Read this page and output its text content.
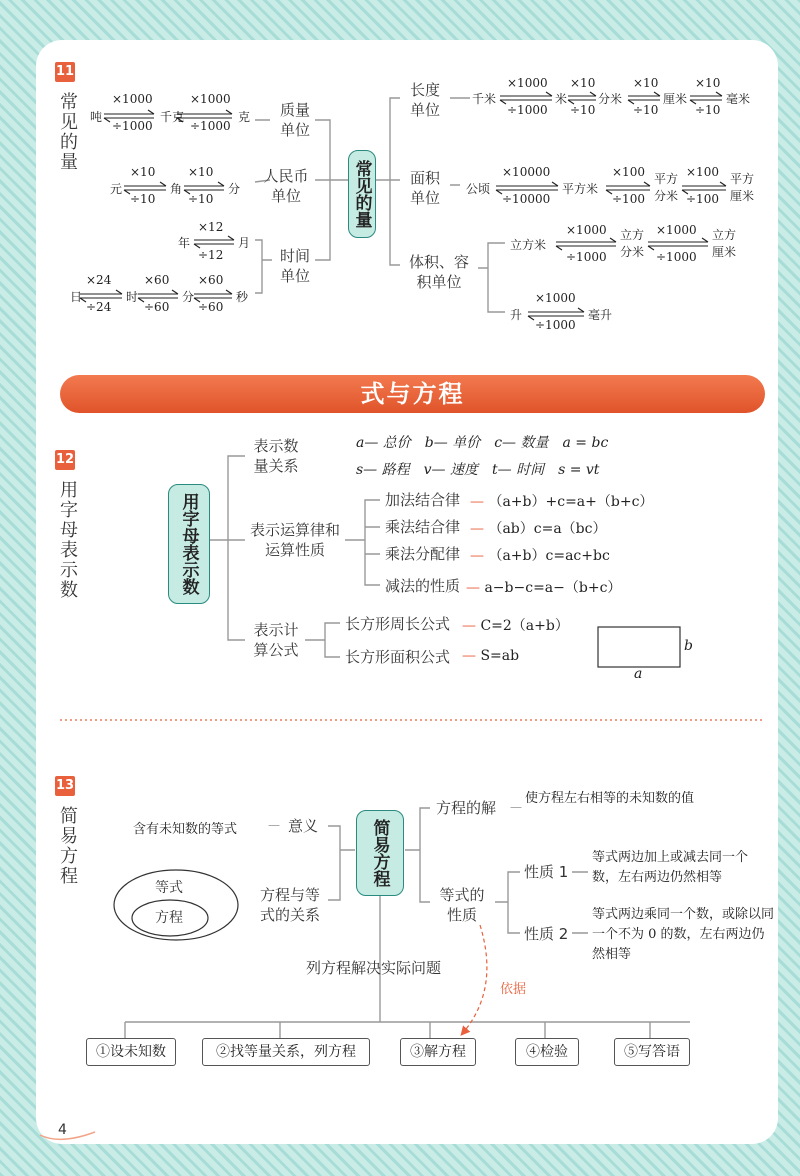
11
常见的量
常见的量
质量单位
人民币单位
时间单位
长度单位
面积单位
体积、容积单位
吨
×1000
÷1000
千克
×1000
÷1000
克
元
×10
÷10
角
×10
÷10
分
年
×12
÷12
月
日
×24
÷24
时
×60
÷60
分
×60
÷60
秒
千米
×1000
÷1000
米
×10
÷10
分米
×10
÷10
厘米
×10
÷10
毫米
公顷
×10000
÷10000
平方米
×100
÷100
平方分米
×100
÷100
平方厘米
立方米
×1000
÷1000
立方分米
×1000
÷1000
立方厘米
升
×1000
÷1000
毫升
式与方程
12
用字母表示数	用字母表示数
表示数量关系
a— 总价　b— 单价　c— 数量　a = bc
s— 路程　v— 速度　t— 时间　s = vt
表示运算律和运算性质
加法结合律 — （a+b）+c=a+（b+c）
乘法结合律 — （ab）c=a（bc）
乘法分配律 — （a+b）c=ac+bc
减法的性质 — a−b−c=a−（b+c）
表示计算公式
长方形周长公式 — C=2（a+b）
长方形面积公式 — S=ab
b
a
13
简易方程	简易方程
含有未知数的等式	— 意义
等式
方程
方程与等式的关系
方程的解 —
使方程左右相等的未知数的值
等式的性质
性质 1
等式两边加上或减去同一个数，左右两边仍然相等
性质 2
等式两边乘同一个数，或除以同一个不为 0 的数，左右两边仍然相等
列方程解决实际问题
依据
①设未知数	②找等量关系，列方程	③解方程	④检验	⑤写答语
4
